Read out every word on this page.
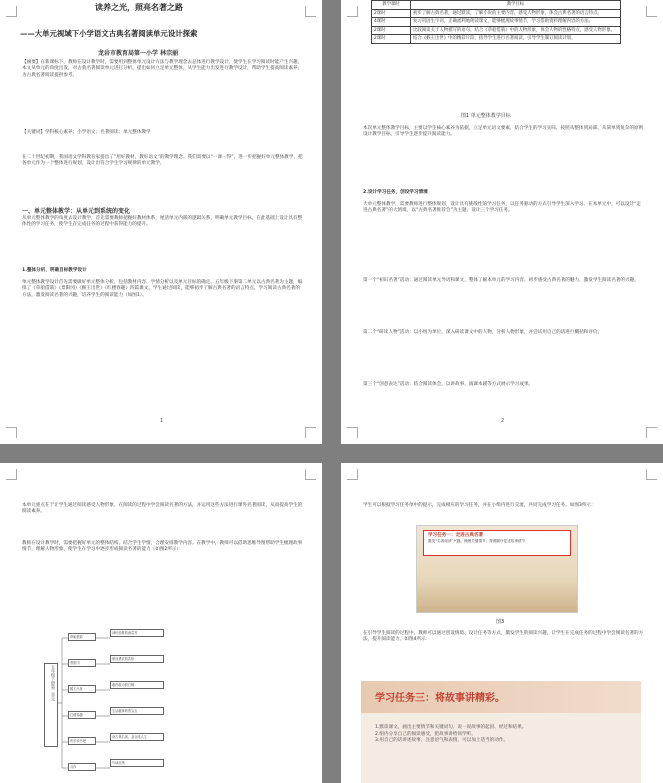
读养之光，照亮名著之路
——大单元视域下小学语文古典名著阅读单元设计探索
龙岩市教育局第一小学 林宗丽
【摘要】在新课标下，教师在设计教学时，需要用到整体单元设计方法与教学理念去总体进行教学设计，使学生在学习阅读时能产生兴趣。本文从单元的角度出发，对古典名著阅读单元进行分析，提出如何立足单元整体，从学生能力出发进行教学设计，帮助学生提高阅读素养，为古典名著阅读提供参考。
【关键词】学科核心素养；小学语文；名著阅读；单元整体教学
在二十世纪初期，我国语文学科教育家提出了“用好教材，教好语文”的教学理念。我们需要以“一课一得”，进一步把握好单元整体教学，把各单元作为一个整体进行规划，设计出符合学生学习规律的单元教学。
一、单元整体教学：从单元到系统的变化
从单元整体教学的角度去设计教学，首先需要教师把握好教材体系，厘清单元内部的逻辑关系，明确单元教学目标，在此基础上设计具有整体性的学习任务，使学生在完成任务的过程中获得能力的提升。
1.整体分析，明确目标教学设计
单元整体教学设计首先需要做好单元整体分析，包括教材内容、学情分析以及单元目标的确定。五年级下册第二单元以古典名著为主题，编排了《草船借箭》《景阳冈》《猴王出世》《红楼春趣》四篇课文。学生通过阅读，能够初步了解古典名著的语言特点，学习阅读古典名著的方法，激发阅读名著的兴趣，培养学生的阅读能力（如图1）。
1
教学课时	教学目标
2课时	初步了解古典名著，通过默读，了解小说的主要内容，感受人物形象，体会古典名著的语言特点。
4课时	复习巩固生字词，正确流利地朗读课文，能够梳理故事情节，学习借助资料理解内容的方法。
2课时	比较阅读关于人物描写的语句，结合《草船借箭》中的人物形象，体会人物的性格特点，感受人物形象。
2课时	结合《猴王出世》中的精彩片段，指导学生进行名著阅读，引导学生制订阅读计划。
图1 单元整体教学目标
本次单元整体教学目标，主要以学生核心素养为依据，立足单元语文要素，结合学生的学习实际，按照从整体到局部、从简单到复杂的原则设计教学目标，引导学生逐步提升阅读能力。
2.设计学习任务，创设学习情境
大单元整体教学，需要教师进行整体规划，设计具有挑战性的学习任务，以任务驱动的方式引导学生深入学习。在本单元中，可以设计“走进古典名著”的大情境，以“古典名著推荐会”为主题，设计三个学习任务。
第一个“初识名著”活动：通过阅读单元导语和课文，整体了解本单元的学习内容，初步感受古典名著的魅力，激发学生阅读名著的兴趣。
第二个“研读人物”活动：以小组为单位，深入研读课文中的人物，分析人物形象，并尝试用自己的话进行概括和评价。
第三个“创意表达”活动：结合阅读体会，以讲故事、演课本剧等方式展示学习成果。
2
本单元重点在于让学生通过阅读感受人物形象，在阅读的过程中学会阅读名著的方法，并运用这些方法进行课外名著阅读，从而提高学生的阅读素养。
教师在设计教学时，需要把握好单元的整体结构，结合学生学情，合理安排教学内容。在教学中，教师可以借助思维导图帮助学生梳理故事情节，理解人物形象，使学生在学习中逐步形成阅读名著的能力（如图2所示）：
五年级下册第二单元
草船借箭
神机妙算的诸葛亮
景阳冈
豪放勇武的武松
猴王出世
敢作敢为的石猴
红楼春趣
生活趣事的贾宝玉
快乐读书吧
读古典名著，品百味人生
习作
写读后感
学生可以根据学习任务单中的提示，完成相应的学习任务，并在小组内进行交流，共同完成学习任务。如图3所示：
学习任务一：走进古典名著
激发“名著阅读”兴趣，梳理关键情节，按照顺序复述故事情节
图3
在引导学生阅读的过程中，教师可以通过创设情境、设计任务等方式，激发学生的阅读兴趣，让学生在完成任务的过程中学会阅读名著的方法，提升阅读能力。如图4所示：
学习任务三：将故事讲精彩。
1.默读课文，画出主要情节和关键词句，说一说故事的起因、经过和结果。
2.组内分享自己的阅读感受，把故事讲给同学听。
3.用自己的话讲述故事，注意语气和表情，可以加上适当的动作。
